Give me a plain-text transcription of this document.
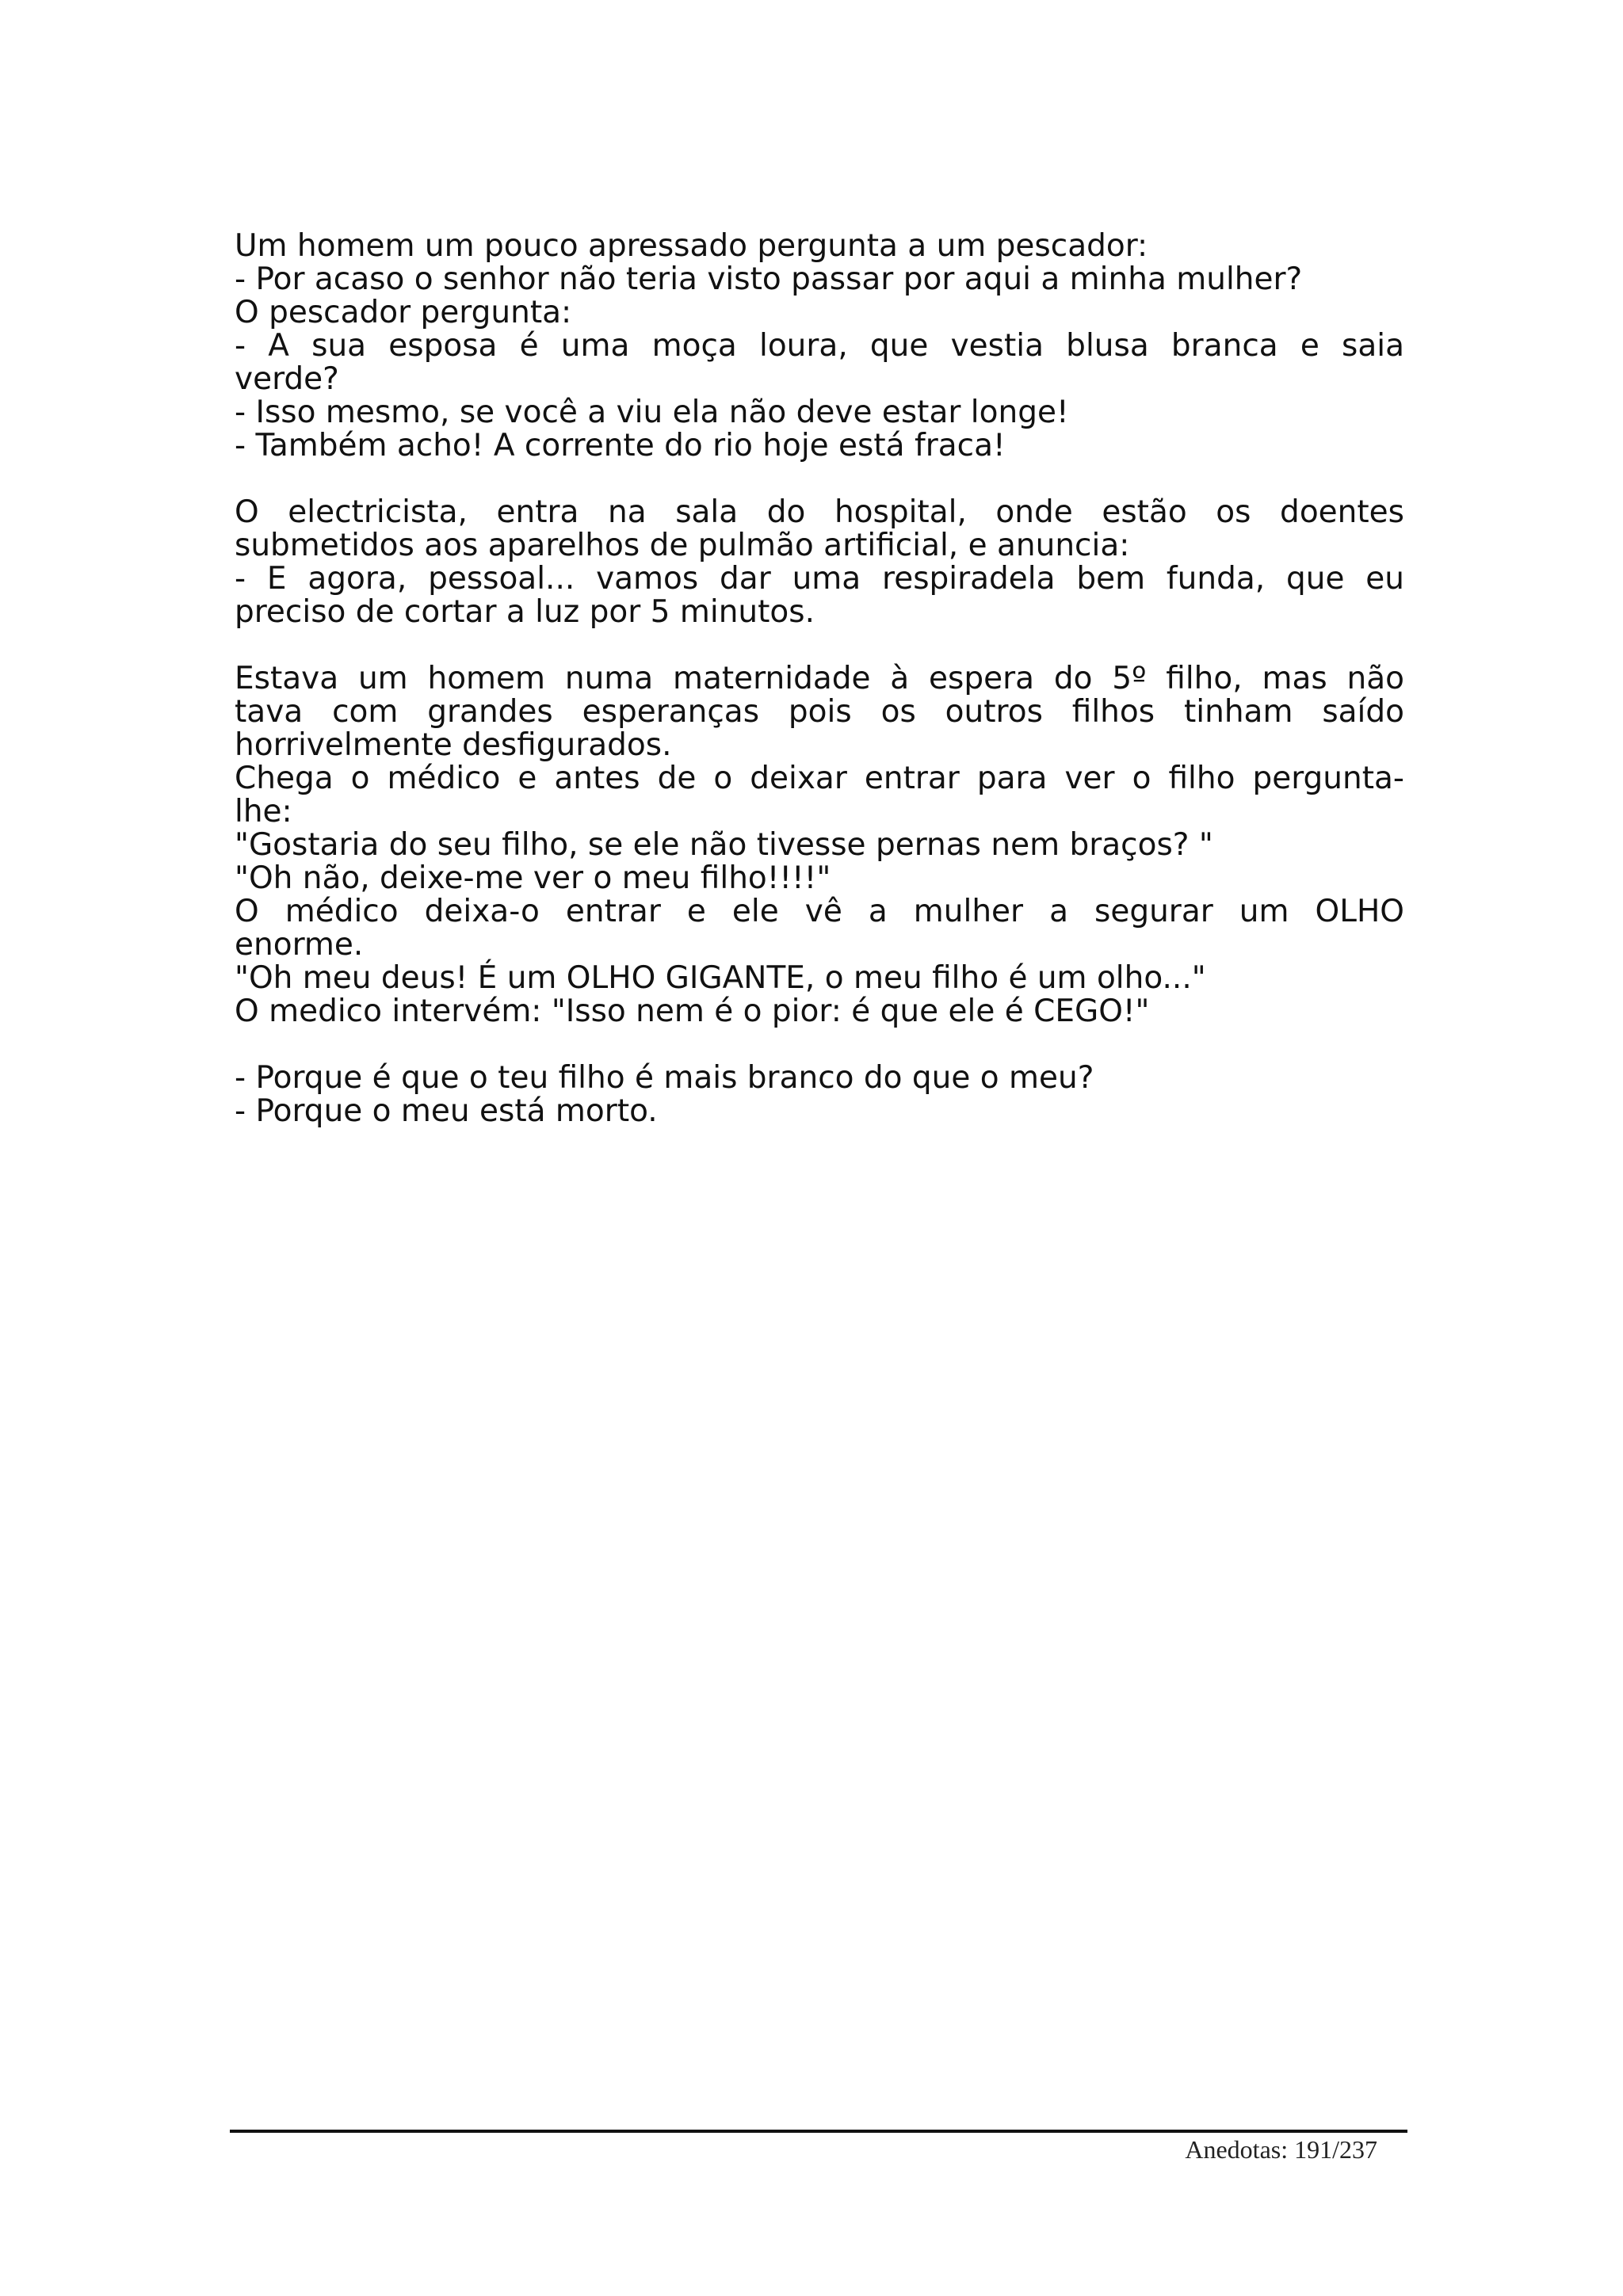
Um homem um pouco apressado pergunta a um pescador:
- Por acaso o senhor não teria visto passar por aqui a minha mulher?
O pescador pergunta:
- A sua esposa é uma moça loura, que vestia blusa branca e saia
verde?
- Isso mesmo, se você a viu ela não deve estar longe!
- Também acho! A corrente do rio hoje está fraca!
O electricista, entra na sala do hospital, onde estão os doentes
submetidos aos aparelhos de pulmão artificial, e anuncia:
- E agora, pessoal... vamos dar uma respiradela bem funda, que eu
preciso de cortar a luz por 5 minutos.
Estava um homem numa maternidade à espera do 5º filho, mas não
tava com grandes esperanças pois os outros filhos tinham saído
horrivelmente desfigurados.
Chega o médico e antes de o deixar entrar para ver o filho pergunta-
lhe:
"Gostaria do seu filho, se ele não tivesse pernas nem braços? "
"Oh não, deixe-me ver o meu filho!!!!"
O médico deixa-o entrar e ele vê a mulher a segurar um OLHO
enorme.
"Oh meu deus! É um OLHO GIGANTE, o meu filho é um olho..."
O medico intervém: "Isso nem é o pior: é que ele é CEGO!"
- Porque é que o teu filho é mais branco do que o meu?
- Porque o meu está morto.
Anedotas: 191/237
